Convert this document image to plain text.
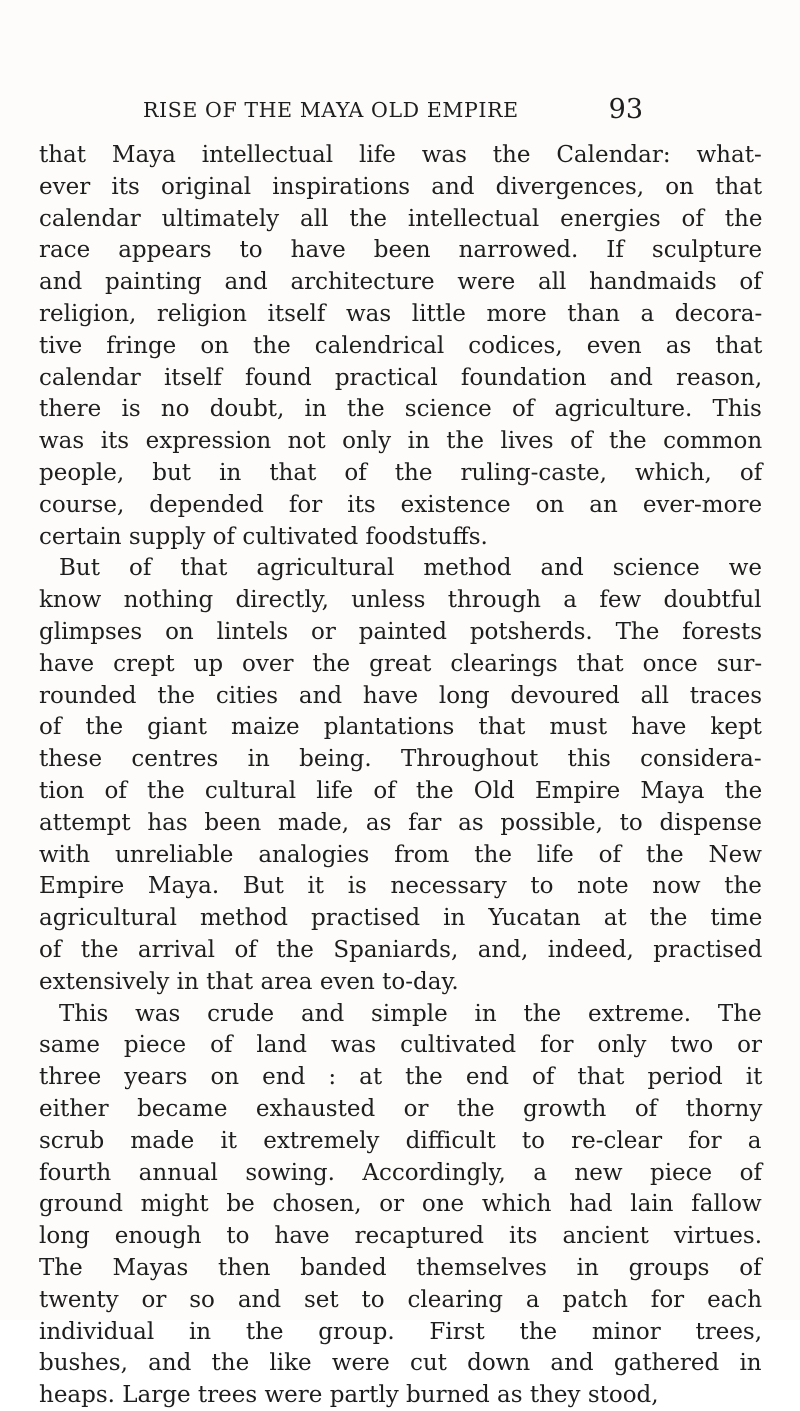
RISE OF THE MAYA OLD EMPIRE	93
that Maya intellectual life was the Calendar: what-
ever its original inspirations and divergences, on that
calendar ultimately all the intellectual energies of the
race appears to have been narrowed. If sculpture
and painting and architecture were all handmaids of
religion, religion itself was little more than a decora-
tive fringe on the calendrical codices, even as that
calendar itself found practical foundation and reason,
there is no doubt, in the science of agriculture. This
was its expression not only in the lives of the common
people, but in that of the ruling-caste, which, of
course, depended for its existence on an ever-more
certain supply of cultivated foodstuffs.
But of that agricultural method and science we
know nothing directly, unless through a few doubtful
glimpses on lintels or painted potsherds. The forests
have crept up over the great clearings that once sur-
rounded the cities and have long devoured all traces
of the giant maize plantations that must have kept
these centres in being. Throughout this considera-
tion of the cultural life of the Old Empire Maya the
attempt has been made, as far as possible, to dispense
with unreliable analogies from the life of the New
Empire Maya. But it is necessary to note now the
agricultural method practised in Yucatan at the time
of the arrival of the Spaniards, and, indeed, practised
extensively in that area even to-day.
This was crude and simple in the extreme. The
same piece of land was cultivated for only two or
three years on end : at the end of that period it
either became exhausted or the growth of thorny
scrub made it extremely difficult to re-clear for a
fourth annual sowing. Accordingly, a new piece of
ground might be chosen, or one which had lain fallow
long enough to have recaptured its ancient virtues.
The Mayas then banded themselves in groups of
twenty or so and set to clearing a patch for each
individual in the group. First the minor trees,
bushes, and the like were cut down and gathered in
heaps. Large trees were partly burned as they stood,
